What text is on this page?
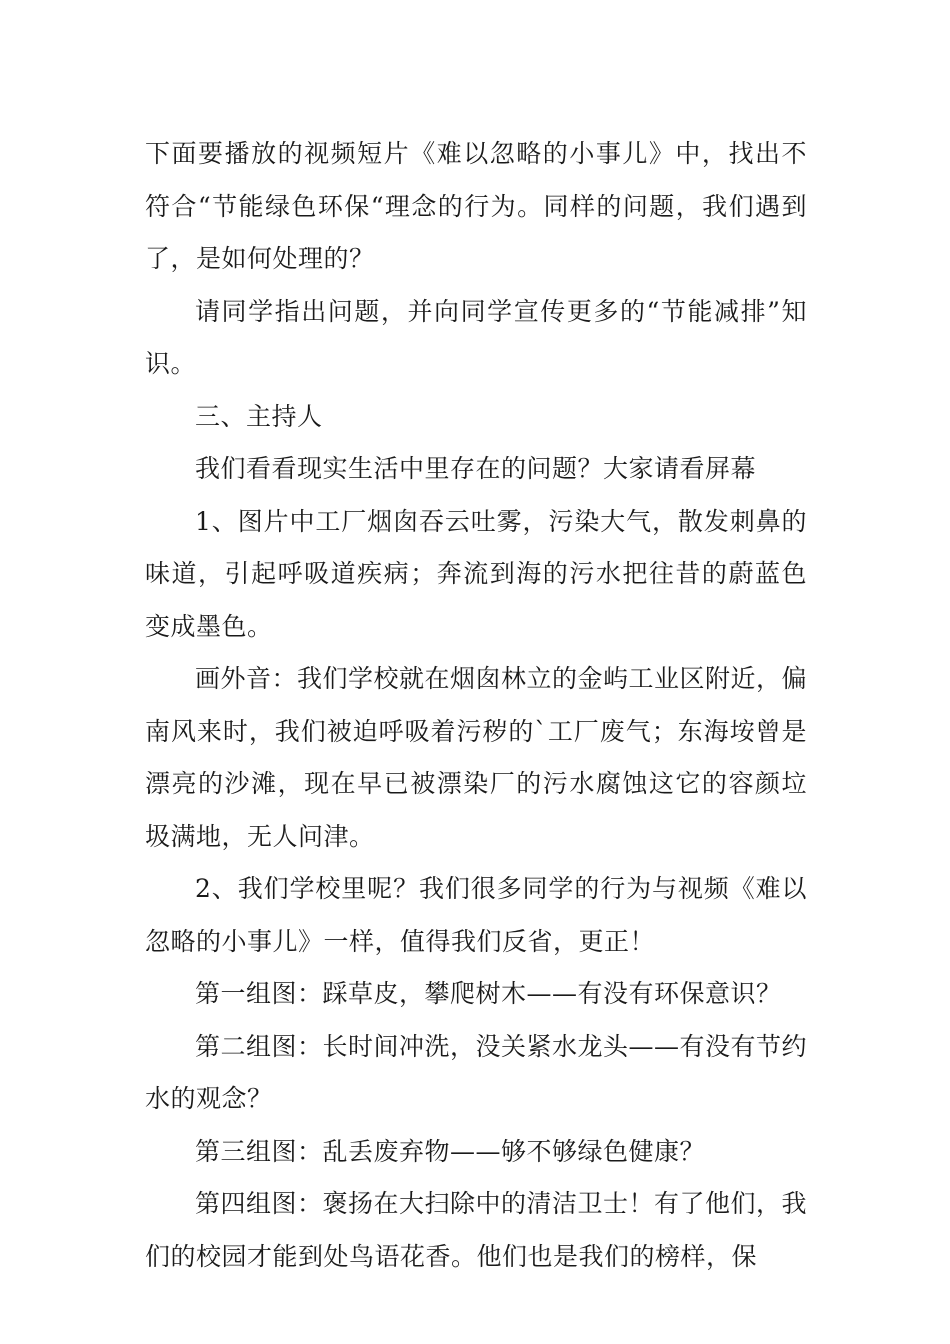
下面要播放的视频短片《难以忽略的小事儿》中，找出不符合“节能绿色环保“理念的行为。同样的问题，我们遇到了，是如何处理的？

请同学指出问题，并向同学宣传更多的“节能减排”知识。

三、主持人

我们看看现实生活中里存在的问题？大家请看屏幕

1、图片中工厂烟囱吞云吐雾，污染大气，散发刺鼻的味道，引起呼吸道疾病；奔流到海的污水把往昔的蔚蓝色变成墨色。

画外音：我们学校就在烟囱林立的金屿工业区附近，偏南风来时，我们被迫呼吸着污秽的`工厂废气；东海垵曾是漂亮的沙滩，现在早已被漂染厂的污水腐蚀这它的容颜垃圾满地，无人问津。

2、我们学校里呢？我们很多同学的行为与视频《难以忽略的小事儿》一样，值得我们反省，更正！

第一组图：踩草皮，攀爬树木——有没有环保意识？

第二组图：长时间冲洗，没关紧水龙头——有没有节约水的观念？

第三组图：乱丢废弃物——够不够绿色健康？

第四组图：褒扬在大扫除中的清洁卫士！有了他们，我们的校园才能到处鸟语花香。他们也是我们的榜样，保
